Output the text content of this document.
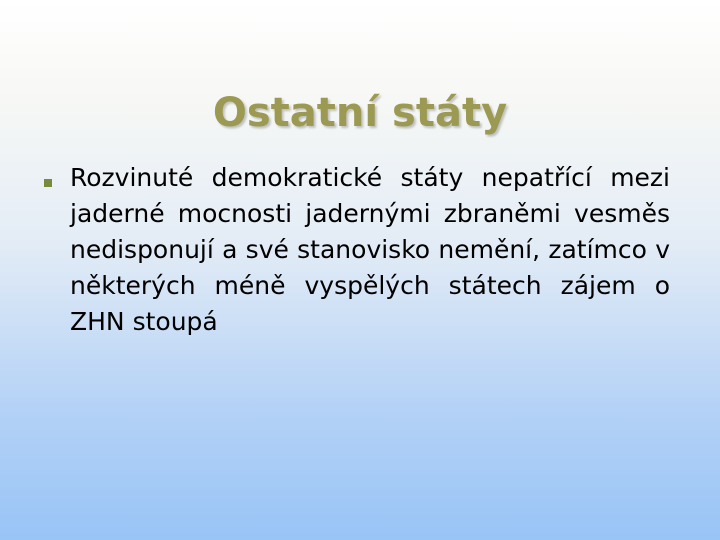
Ostatní státy
Rozvinuté demokratické státy nepatřící mezi jaderné mocnosti jadernými zbraněmi vesměs nedisponují a své stanovisko nemění, zatímco v některých méně vyspělých státech zájem o ZHN stoupá
